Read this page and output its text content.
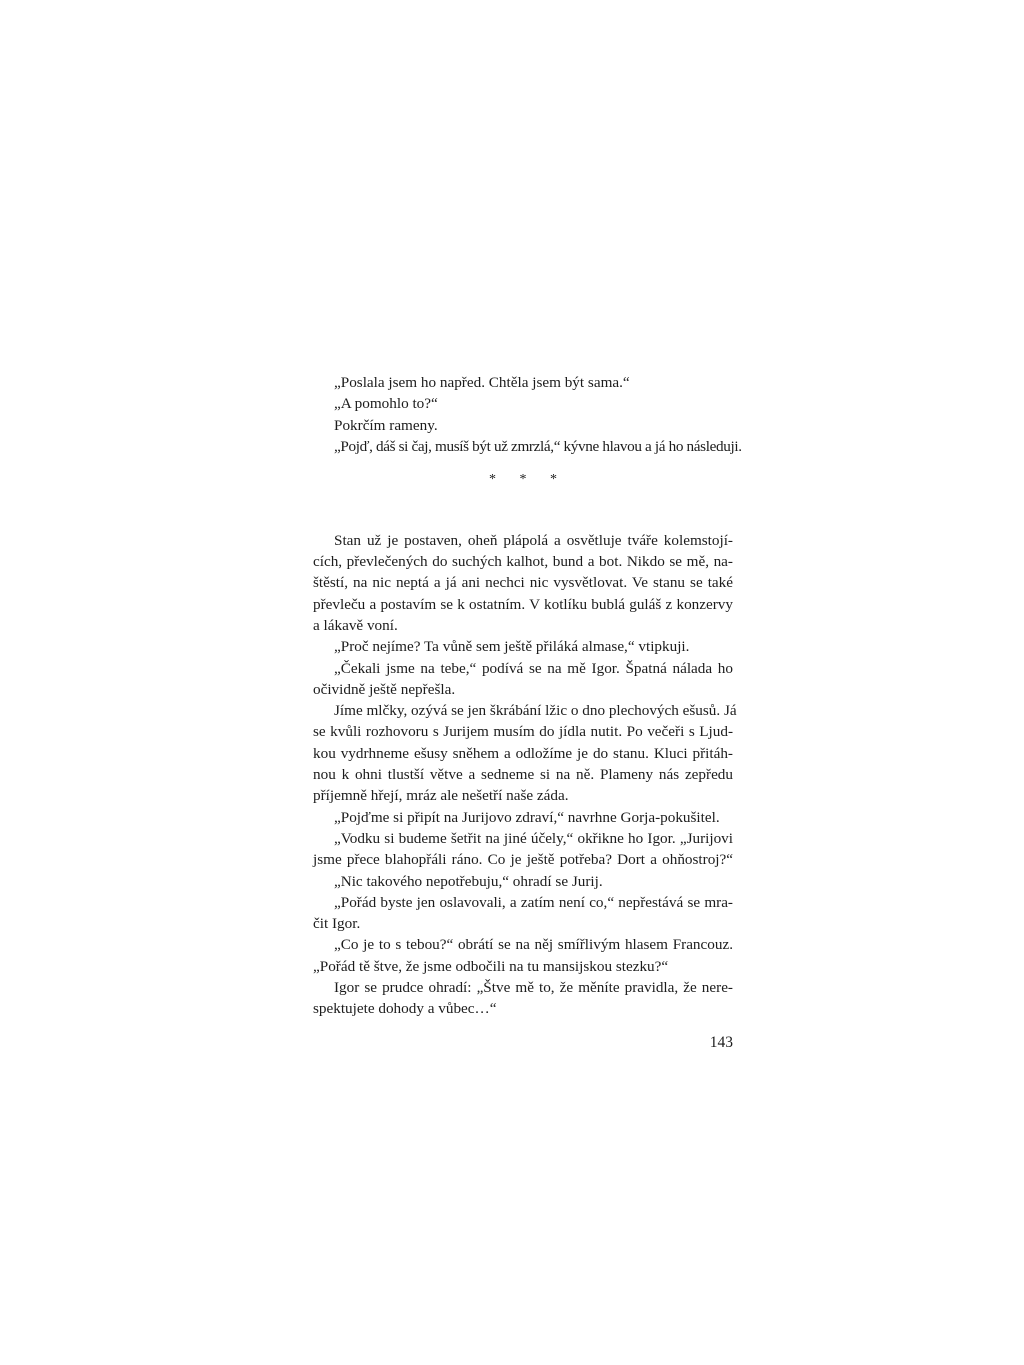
„Poslala jsem ho napřed. Chtěla jsem být sama.“
„A pomohlo to?“
Pokrčím rameny.
„Pojď, dáš si čaj, musíš být už zmrzlá,“ kývne hlavou a já ho následuji.
* * *
Stan už je postaven, oheň plápolá a osvětluje tváře kolemstojí-
cích, převlečených do suchých kalhot, bund a bot. Nikdo se mě, na-
štěstí, na nic neptá a já ani nechci nic vysvětlovat. Ve stanu se také
převleču a postavím se k ostatním. V kotlíku bublá guláš z konzervy
a lákavě voní.
„Proč nejíme? Ta vůně sem ještě přiláká almase,“ vtipkuji.
„Čekali jsme na tebe,“ podívá se na mě Igor. Špatná nálada ho
očividně ještě nepřešla.
Jíme mlčky, ozývá se jen škrábání lžic o dno plechových ešusů. Já
se kvůli rozhovoru s Jurijem musím do jídla nutit. Po večeři s Ljud-
kou vydrhneme ešusy sněhem a odložíme je do stanu. Kluci přitáh-
nou k ohni tlustší větve a sedneme si na ně. Plameny nás zepředu
příjemně hřejí, mráz ale nešetří naše záda.
„Pojďme si připít na Jurijovo zdraví,“ navrhne Gorja-pokušitel.
„Vodku si budeme šetřit na jiné účely,“ okřikne ho Igor. „Jurijovi
jsme přece blahopřáli ráno. Co je ještě potřeba? Dort a ohňostroj?“
„Nic takového nepotřebuju,“ ohradí se Jurij.
„Pořád byste jen oslavovali, a zatím není co,“ nepřestává se mra-
čit Igor.
„Co je to s tebou?“ obrátí se na něj smířlivým hlasem Francouz.
„Pořád tě štve, že jsme odbočili na tu mansijskou stezku?“
Igor se prudce ohradí: „Štve mě to, že měníte pravidla, že nere-
spektujete dohody a vůbec…“
143
